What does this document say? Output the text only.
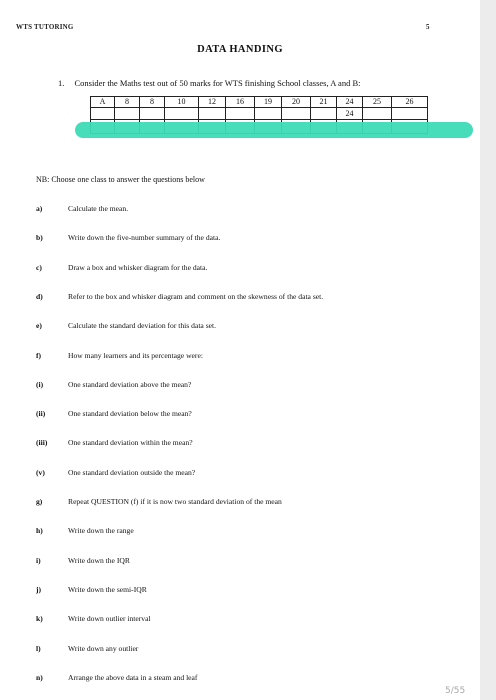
WTS TUTORING	5
DATA HANDING
1. Consider the Maths test out of 50 marks for WTS finishing School classes, A and B:
A	8	8	10	12	16	19	20	21	24	25	26
									24		

NB: Choose one class to answer the questions below
a)	Calculate the mean.
b)	Write down the five-number summary of the data.
c)	Draw a box and whisker diagram for the data.
d)	Refer to the box and whisker diagram and comment on the skewness of the data set.
e)	Calculate the standard deviation for this data set.
f)	How many learners and its percentage were:
(i)	One standard deviation above the mean?
(ii)	One standard deviation below the mean?
(iii)	One standard deviation within the mean?
(v)	One standard deviation outside the mean?
g)	Repeat QUESTION (f) if it is now two standard deviation of the mean
h)	Write down the range
i)	Write down the IQR
j)	Write down the semi-IQR
k)	Write down outlier interval
l)	Write down any outlier
n)	Arrange the above data in a steam and leaf
5/55
